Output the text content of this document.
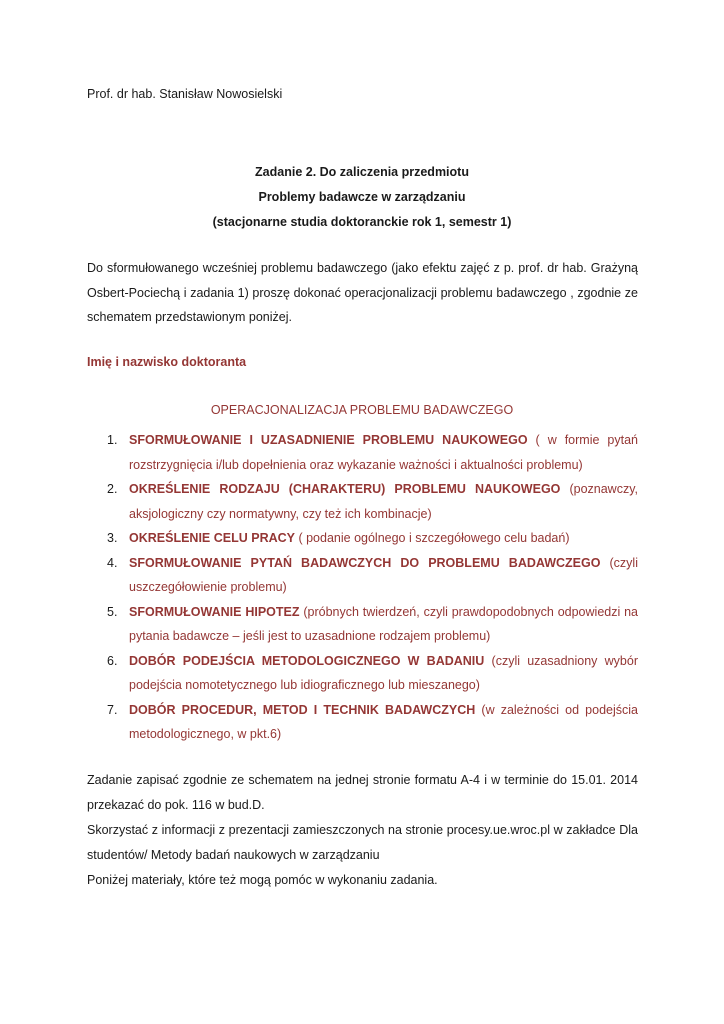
Prof. dr hab. Stanisław Nowosielski
Zadanie 2. Do zaliczenia przedmiotu
Problemy badawcze w zarządzaniu
(stacjonarne studia doktoranckie rok 1, semestr 1)
Do sformułowanego wcześniej problemu badawczego (jako efektu zajęć z p. prof. dr hab. Grażyną Osbert-Pociechą i zadania 1) proszę dokonać operacjonalizacji problemu badawczego , zgodnie ze schematem przedstawionym poniżej.
Imię i nazwisko doktoranta
OPERACJONALIZACJA PROBLEMU BADAWCZEGO
1. SFORMUŁOWANIE I UZASADNIENIE PROBLEMU NAUKOWEGO ( w formie pytań rozstrzygnięcia i/lub dopełnienia oraz wykazanie ważności i aktualności problemu)
2. OKREŚLENIE RODZAJU (CHARAKTERU) PROBLEMU NAUKOWEGO (poznawczy, aksjologiczny czy normatywny, czy też ich kombinacje)
3. OKREŚLENIE CELU PRACY ( podanie ogólnego i szczegółowego celu badań)
4. SFORMUŁOWANIE PYTAŃ BADAWCZYCH DO PROBLEMU BADAWCZEGO (czyli uszczegółowienie problemu)
5. SFORMUŁOWANIE HIPOTEZ (próbnych twierdzeń, czyli prawdopodobnych odpowiedzi na pytania badawcze – jeśli jest to uzasadnione rodzajem problemu)
6. DOBÓR PODEJŚCIA METODOLOGICZNEGO W BADANIU (czyli uzasadniony wybór podejścia nomotetycznego lub idiograficznego lub mieszanego)
7. DOBÓR PROCEDUR, METOD I TECHNIK BADAWCZYCH (w zależności od podejścia metodologicznego, w pkt.6)
Zadanie zapisać zgodnie ze schematem na jednej stronie formatu A-4 i w terminie do 15.01. 2014 przekazać do pok. 116 w bud.D.
Skorzystać z informacji z prezentacji zamieszczonych na stronie procesy.ue.wroc.pl w zakładce Dla studentów/ Metody badań naukowych w zarządzaniu
Poniżej materiały, które też mogą pomóc w wykonaniu zadania.
